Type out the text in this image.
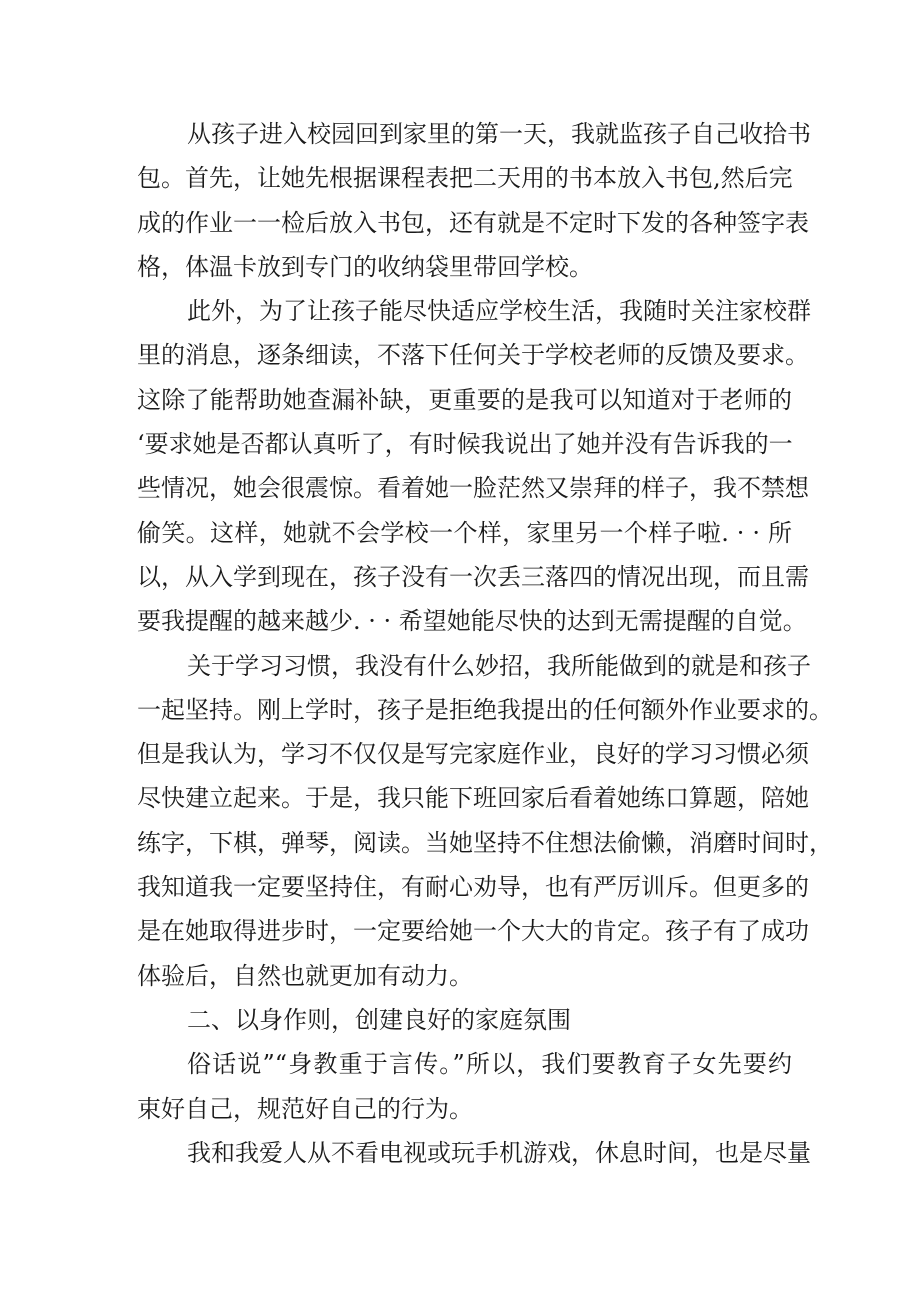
从孩子进入校园回到家里的第一天，我就监孩子自己收拾书
包。首先，让她先根据课程表把二天用的书本放入书包,然后完
成的作业一一检后放入书包，还有就是不定时下发的各种签字表
格，体温卡放到专门的收纳袋里带回学校。
此外，为了让孩子能尽快适应学校生活，我随时关注家校群
里的消息，逐条细读，不落下任何关于学校老师的反馈及要求。
这除了能帮助她查漏补缺，更重要的是我可以知道对于老师的
‘要求她是否都认真听了，有时候我说出了她并没有告诉我的一
些情况，她会很震惊。看着她一脸茫然又崇拜的样子，我不禁想
偷笑。这样，她就不会学校一个样，家里另一个样子啦. · · 所
以，从入学到现在，孩子没有一次丢三落四的情况出现，而且需
要我提醒的越来越少. · · 希望她能尽快的达到无需提醒的自觉。
关于学习习惯，我没有什么妙招，我所能做到的就是和孩子
一起坚持。刚上学时，孩子是拒绝我提出的任何额外作业要求的。
但是我认为，学习不仅仅是写完家庭作业，良好的学习习惯必须
尽快建立起来。于是，我只能下班回家后看着她练口算题，陪她
练字，下棋，弹琴，阅读。当她坚持不住想法偷懒，消磨时间时，
我知道我一定要坚持住，有耐心劝导，也有严厉训斥。但更多的
是在她取得进步时，一定要给她一个大大的肯定。孩子有了成功
体验后，自然也就更加有动力。
二、以身作则，创建良好的家庭氛围
俗话说”“身教重于言传。”所以，我们要教育子女先要约
束好自己，规范好自己的行为。
我和我爱人从不看电视或玩手机游戏，休息时间，也是尽量
